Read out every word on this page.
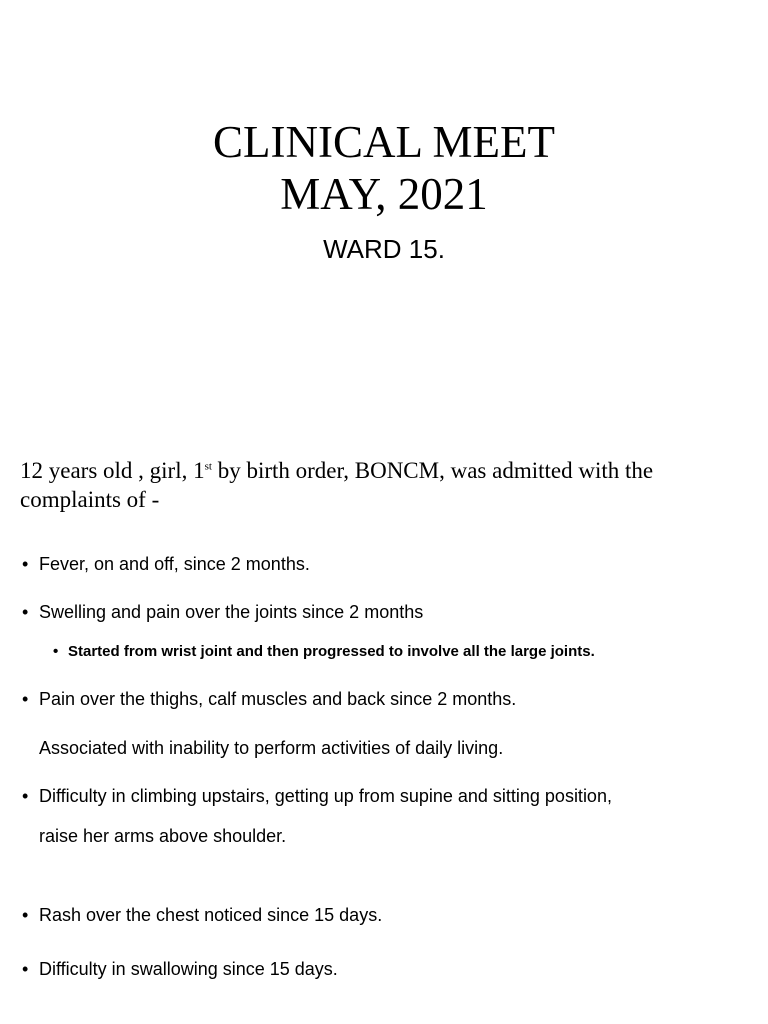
CLINICAL MEET
MAY, 2021
WARD 15.
12 years old , girl, 1st by birth order, BONCM, was admitted with the complaints of -
• Fever, on and off, since 2 months.
• Swelling and pain over the joints since 2 months
• Started from wrist joint and then progressed to involve all the large joints.
• Pain over the thighs, calf muscles and back since 2 months.
Associated with inability to perform activities of daily living.
• Difficulty in climbing upstairs, getting up from supine and sitting position,
raise her arms above shoulder.
• Rash over the chest noticed since 15 days.
• Difficulty in swallowing since 15 days.
